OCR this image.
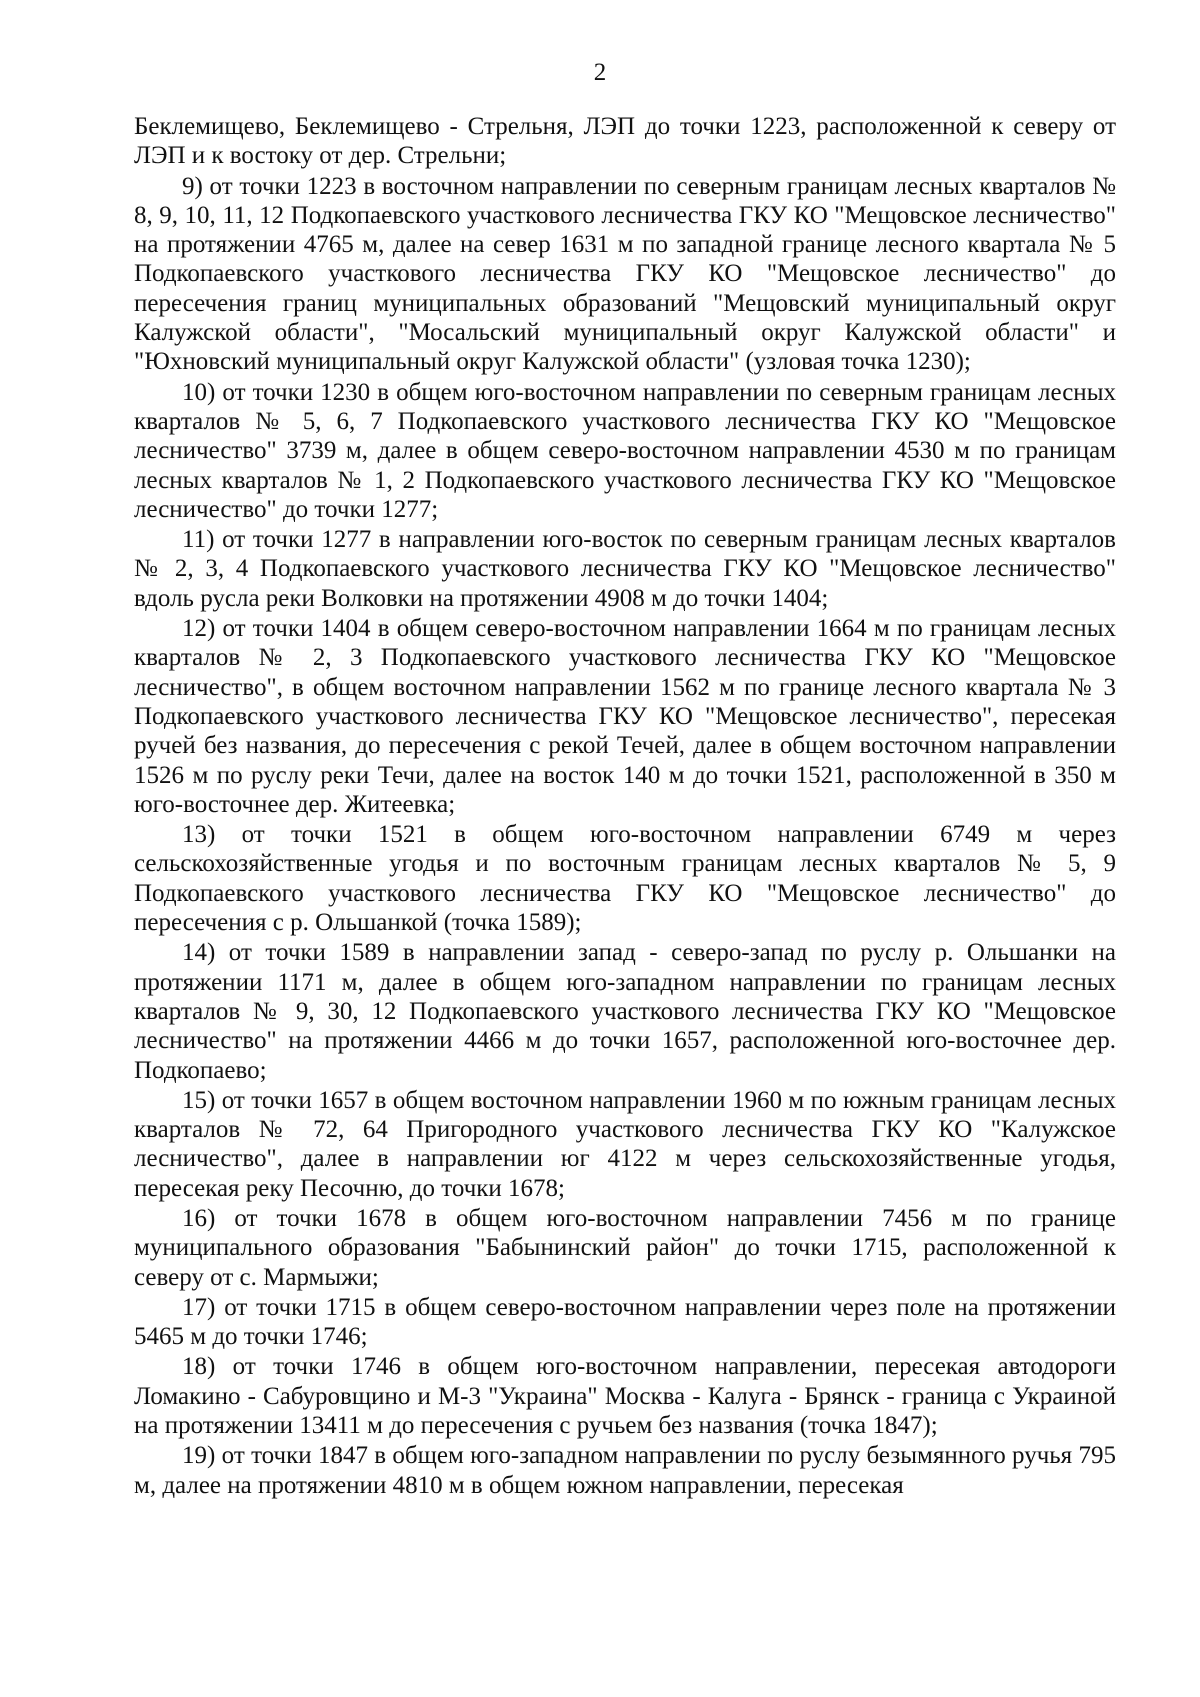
2

Беклемищево, Беклемищево - Стрельня, ЛЭП до точки 1223, расположенной к северу от ЛЭП и к востоку от дер. Стрельни;

9) от точки 1223 в восточном направлении по северным границам лесных кварталов № 8, 9, 10, 11, 12 Подкопаевского участкового лесничества ГКУ КО "Мещовское лесничество" на протяжении 4765 м, далее на север 1631 м по западной границе лесного квартала № 5 Подкопаевского участкового лесничества ГКУ КО "Мещовское лесничество" до пересечения границ муниципальных образований "Мещовский муниципальный округ Калужской области", "Мосальский муниципальный округ Калужской области" и "Юхновский муниципальный округ Калужской области" (узловая точка 1230);

10) от точки 1230 в общем юго-восточном направлении по северным границам лесных кварталов № 5, 6, 7 Подкопаевского участкового лесничества ГКУ КО "Мещовское лесничество" 3739 м, далее в общем северо-восточном направлении 4530 м по границам лесных кварталов № 1, 2 Подкопаевского участкового лесничества ГКУ КО "Мещовское лесничество" до точки 1277;

11) от точки 1277 в направлении юго-восток по северным границам лесных кварталов № 2, 3, 4 Подкопаевского участкового лесничества ГКУ КО "Мещовское лесничество" вдоль русла реки Волковки на протяжении 4908 м до точки 1404;

12) от точки 1404 в общем северо-восточном направлении 1664 м по границам лесных кварталов № 2, 3 Подкопаевского участкового лесничества ГКУ КО "Мещовское лесничество", в общем восточном направлении 1562 м по границе лесного квартала № 3 Подкопаевского участкового лесничества ГКУ КО "Мещовское лесничество", пересекая ручей без названия, до пересечения с рекой Течей, далее в общем восточном направлении 1526 м по руслу реки Течи, далее на восток 140 м до точки 1521, расположенной в 350 м юго-восточнее дер. Житеевка;

13) от точки 1521 в общем юго-восточном направлении 6749 м через сельскохозяйственные угодья и по восточным границам лесных кварталов № 5, 9 Подкопаевского участкового лесничества ГКУ КО "Мещовское лесничество" до пересечения с р. Ольшанкой (точка 1589);

14) от точки 1589 в направлении запад - северо-запад по руслу р. Ольшанки на протяжении 1171 м, далее в общем юго-западном направлении по границам лесных кварталов № 9, 30, 12 Подкопаевского участкового лесничества ГКУ КО "Мещовское лесничество" на протяжении 4466 м до точки 1657, расположенной юго-восточнее дер. Подкопаево;

15) от точки 1657 в общем восточном направлении 1960 м по южным границам лесных кварталов № 72, 64 Пригородного участкового лесничества ГКУ КО "Калужское лесничество", далее в направлении юг 4122 м через сельскохозяйственные угодья, пересекая реку Песочню, до точки 1678;

16) от точки 1678 в общем юго-восточном направлении 7456 м по границе муниципального образования "Бабынинский район" до точки 1715, расположенной к северу от с. Мармыжи;

17) от точки 1715 в общем северо-восточном направлении через поле на протяжении 5465 м до точки 1746;

18) от точки 1746 в общем юго-восточном направлении, пересекая автодороги Ломакино - Сабуровщино и М-3 "Украина" Москва - Калуга - Брянск - граница с Украиной на протяжении 13411 м до пересечения с ручьем без названия (точка 1847);

19) от точки 1847 в общем юго-западном направлении по руслу безымянного ручья 795 м, далее на протяжении 4810 м в общем южном направлении, пересекая
